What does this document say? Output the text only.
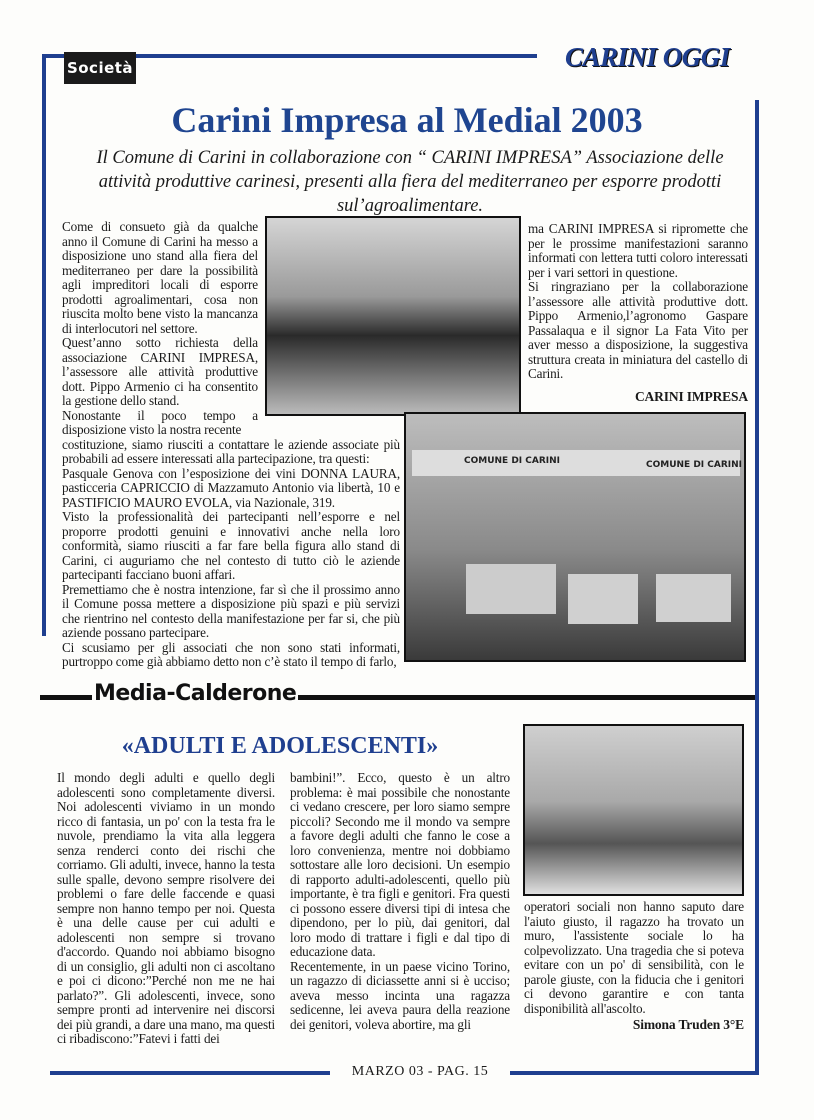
Società	CARINI OGGI
Carini Impresa al Medial 2003
Il Comune di Carini in collaborazione con “ CARINI IMPRESA” Associazione delle attività produttive carinesi, presenti alla fiera del mediterraneo per esporre prodotti sul’agroalimentare.

Come di consueto già da qualche anno il Comune di Carini ha messo a disposizione uno stand alla fiera del mediterraneo per dare la possibilità agli impreditori locali di esporre prodotti agroalimentari, cosa non riuscita molto bene visto la mancanza di interlocutori nel settore.

Quest’anno sotto richiesta della associazione CARINI IMPRESA, l’assessore alle attività produttive dott. Pippo Armenio ci ha consentito la gestione dello stand.

Nonostante il poco tempo a disposizione visto la nostra recente

costituzione, siamo riusciti a contattare le aziende associate più probabili ad essere interessati alla partecipazione, tra questi:

Pasquale Genova con l’esposizione dei vini DONNA LAURA, pasticceria CAPRICCIO di Mazzamuto Antonio via libertà, 10 e PASTIFICIO MAURO EVOLA, via Nazionale, 319.

Visto la professionalità dei partecipanti nell’esporre e nel proporre prodotti genuini e innovativi anche nella loro conformità, siamo riusciti a far fare bella figura allo stand di Carini, ci auguriamo che nel contesto di tutto ciò le aziende partecipanti facciano buoni affari.

Premettiamo che è nostra intenzione, far sì che il prossimo anno il Comune possa mettere a disposizione più spazi e più servizi che rientrino nel contesto della manifestazione per far si, che più aziende possano partecipare.

Ci scusiamo per gli associati che non sono stati informati, purtroppo come già abbiamo detto non c’è stato il tempo di farlo,

ma CARINI IMPRESA si ripromette che per le prossime manifestazioni saranno informati con lettera tutti coloro interessati per i vari settori in questione.

Si ringraziano per la collaborazione l’assessore alle attività produttive dott. Pippo Armenio,l’agronomo Gaspare Passalaqua e il signor La Fata Vito per aver messo a disposizione, la suggestiva struttura creata in miniatura del castello di Carini.

CARINI IMPRESA

COMUNE DI CARINI	COMUNE DI CARINI
Media-Calderone
«ADULTI E ADOLESCENTI»

Il mondo degli adulti e quello degli adolescenti sono completamente diversi. Noi adolescenti viviamo in un mondo ricco di fantasia, un po' con la testa fra le nuvole, prendiamo la vita alla leggera senza renderci conto dei rischi che corriamo. Gli adulti, invece, hanno la testa sulle spalle, devono sempre risolvere dei problemi o fare delle faccende e quasi sempre non hanno tempo per noi. Questa è una delle cause per cui adulti e adolescenti non sempre si trovano d'accordo. Quando noi abbiamo bisogno di un consiglio, gli adulti non ci ascoltano e poi ci dicono:”Perché non me ne hai parlato?”. Gli adolescenti, invece, sono sempre pronti ad intervenire nei discorsi dei più grandi, a dare una mano, ma questi ci ribadiscono:”Fatevi i fatti dei

bambini!”. Ecco, questo è un altro problema: è mai possibile che nonostante ci vedano crescere, per loro siamo sempre piccoli? Secondo me il mondo va sempre a favore degli adulti che fanno le cose a loro convenienza, mentre noi dobbiamo sottostare alle loro decisioni. Un esempio di rapporto adulti-adolescenti, quello più importante, è tra figli e genitori. Fra questi ci possono essere diversi tipi di intesa che dipendono, per lo più, dai genitori, dal loro modo di trattare i figli e dal tipo di educazione data.

Recentemente, in un paese vicino Torino, un ragazzo di diciassette anni si è ucciso; aveva messo incinta una ragazza sedicenne, lei aveva paura della reazione dei genitori, voleva abortire, ma gli

operatori sociali non hanno saputo dare l'aiuto giusto, il ragazzo ha trovato un muro, l'assistente sociale lo ha colpevolizzato. Una tragedia che si poteva evitare con un po' di sensibilità, con le parole giuste, con la fiducia che i genitori ci devono garantire e con tanta disponibilità all'ascolto.

Simona Truden 3°E

MARZO 03 - PAG. 15
